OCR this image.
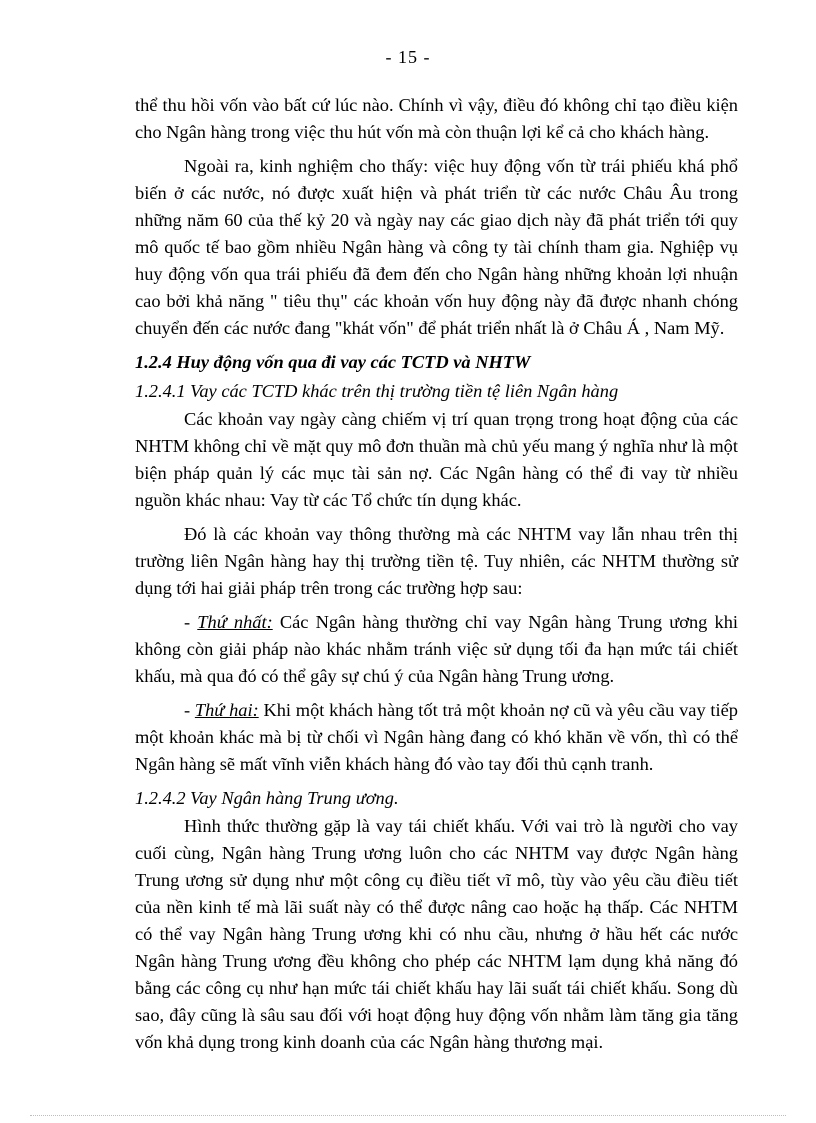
- 15 -

thể thu hồi vốn vào bất cứ lúc nào. Chính vì vậy, điều đó không chỉ tạo điều kiện cho Ngân hàng trong việc thu hút vốn mà còn thuận lợi kể cả cho khách hàng.

Ngoài ra, kinh nghiệm cho thấy: việc huy động vốn từ trái phiếu khá phổ biến ở các nước, nó được xuất hiện và phát triển từ các nước Châu Âu trong những năm 60 của thế kỷ 20 và ngày nay các giao dịch này đã phát triển tới quy mô quốc tế bao gồm nhiều Ngân hàng và công ty tài chính tham gia. Nghiệp vụ huy động vốn qua trái phiếu đã đem đến cho Ngân hàng những khoản lợi nhuận cao bởi khả năng " tiêu thụ" các khoản vốn huy động này đã được nhanh chóng chuyển đến các nước đang "khát vốn" để phát triển nhất là ở Châu Á , Nam Mỹ.

1.2.4 Huy động vốn qua đi vay các TCTD và NHTW
1.2.4.1 Vay các TCTD khác trên thị trường tiền tệ liên Ngân hàng

Các khoản vay ngày càng chiếm vị trí quan trọng trong hoạt động của các NHTM không chỉ về mặt quy mô đơn thuần mà chủ yếu mang ý nghĩa như là một biện pháp quản lý các mục tài sản nợ. Các Ngân hàng có thể đi vay từ nhiều nguồn khác nhau: Vay từ các Tổ chức tín dụng khác.

Đó là các khoản vay thông thường mà các NHTM vay lẫn nhau trên thị trường liên Ngân hàng hay thị trường tiền tệ. Tuy nhiên, các NHTM thường sử dụng tới hai giải pháp trên trong các trường hợp sau:

- Thứ nhất: Các Ngân hàng thường chỉ vay Ngân hàng Trung ương khi không còn giải pháp nào khác nhằm tránh việc sử dụng tối đa hạn mức tái chiết khấu, mà qua đó có thể gây sự chú ý của Ngân hàng Trung ương.

- Thứ hai: Khi một khách hàng tốt trả một khoản nợ cũ và yêu cầu vay tiếp một khoản khác mà bị từ chối vì Ngân hàng đang có khó khăn về vốn, thì có thể Ngân hàng sẽ mất vĩnh viễn khách hàng đó vào tay đối thủ cạnh tranh.

1.2.4.2 Vay Ngân hàng Trung ương.

Hình thức thường gặp là vay tái chiết khấu. Với vai trò là người cho vay cuối cùng, Ngân hàng Trung ương luôn cho các NHTM vay được Ngân hàng Trung ương sử dụng như một công cụ điều tiết vĩ mô, tùy vào yêu cầu điều tiết của nền kinh tế mà lãi suất này có thể được nâng cao hoặc hạ thấp. Các NHTM có thể vay Ngân hàng Trung ương khi có nhu cầu, nhưng ở hầu hết các nước Ngân hàng Trung ương đều không cho phép các NHTM lạm dụng khả năng đó bằng các công cụ như hạn mức tái chiết khấu hay lãi suất tái chiết khấu. Song dù sao, đây cũng là sâu sau đối với hoạt động huy động vốn nhằm làm tăng gia tăng vốn khả dụng trong kinh doanh của các Ngân hàng thương mại.
